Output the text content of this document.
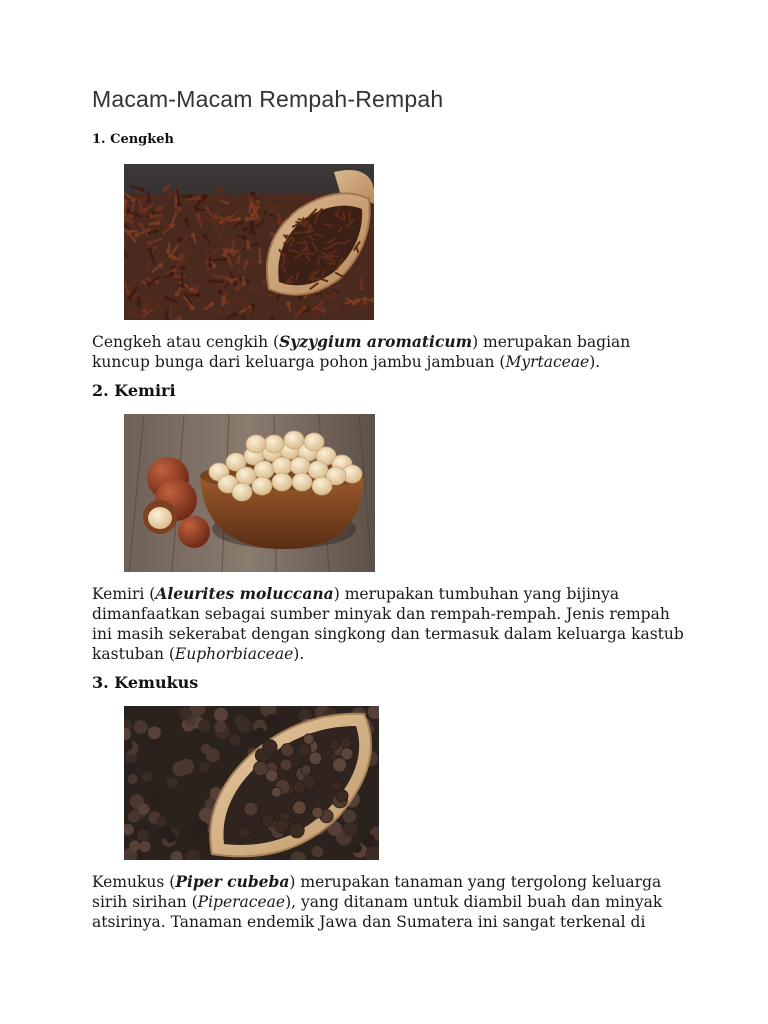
Macam-Macam Rempah-Rempah
1. Cengkeh

Cengkeh atau cengkih (Syzygium aromaticum) merupakan bagian
kuncup bunga dari keluarga pohon jambu jambuan (Myrtaceae).

2. Kemiri

Kemiri (Aleurites moluccana) merupakan tumbuhan yang bijinya
dimanfaatkan sebagai sumber minyak dan rempah-rempah. Jenis rempah
ini masih sekerabat dengan singkong dan termasuk dalam keluarga kastub
kastuban (Euphorbiaceae).

3. Kemukus

Kemukus (Piper cubeba) merupakan tanaman yang tergolong keluarga
sirih sirihan (Piperaceae), yang ditanam untuk diambil buah dan minyak
atsirinya. Tanaman endemik Jawa dan Sumatera ini sangat terkenal di
